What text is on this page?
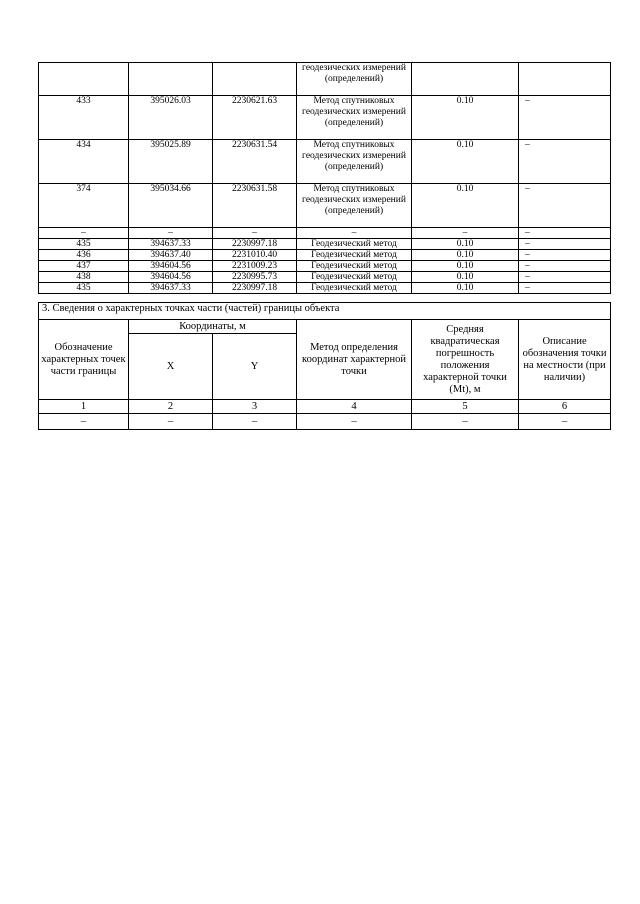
			геодезических измерений (определений)		
433	395026.03	2230621.63	Метод спутниковых геодезических измерений (определений)	0.10	–
434	395025.89	2230631.54	Метод спутниковых геодезических измерений (определений)	0.10	–
374	395034.66	2230631.58	Метод спутниковых геодезических измерений (определений)	0.10	–
–	–	–	–	–	–
435	394637.33	2230997.18	Геодезический метод	0.10	–
436	394637.40	2231010.40	Геодезический метод	0.10	–
437	394604.56	2231009.23	Геодезический метод	0.10	–
438	394604.56	2230995.73	Геодезический метод	0.10	–
435	394637.33	2230997.18	Геодезический метод	0.10	–
3. Сведения о характерных точках части (частей) границы объекта					
Обозначение характерных точек части границы	Координаты, м		Метод определения координат характерной точки	Средняя квадратическая погрешность положения характерной точки (Mt), м	Описание обозначения точки на местности (при наличии)
	X	Y			
1	2	3	4	5	6
–	–	–	–	–	–
